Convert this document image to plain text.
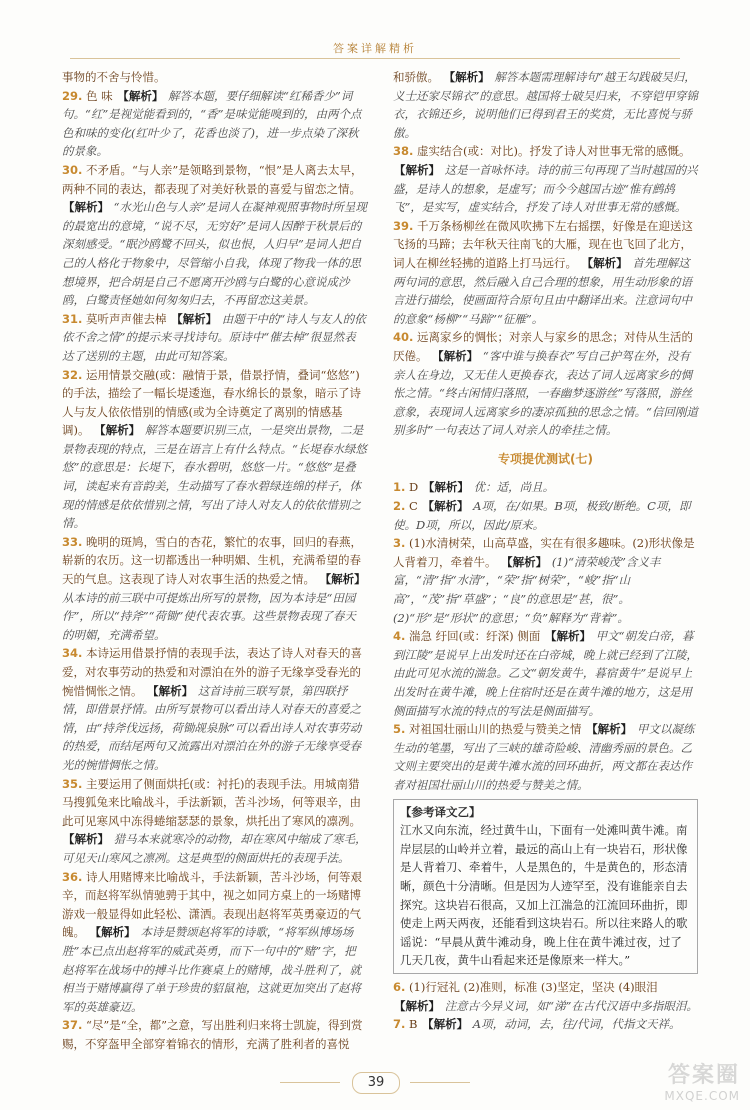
答案详解精析

事物的不舍与怜惜。

29. 色 味 【解析】 解答本题，要仔细解读“红稀香少”词句。“红”是视觉能看到的，“香”是味觉能嗅到的，由两个点色和味的变化(红叶少了，花香也淡了)，进一步点染了深秋的景象。

30. 不矛盾。“与人亲”是领略到景物，“恨”是人离去太早，两种不同的表达，都表现了对美好秋景的喜爱与留恋之情。 【解析】 “水光山色与人亲”是词人在凝神观照事物时所呈现的最宽出的意境，“说不尽，无穷好”是词人因醉于秋景后的深刻感受。“眠沙鸥鹭不回头，似也恨，人归早”是词人把自己的人格化于物象中，尽管缩小自我，体现了物我一体的思想境界，把合胡是自己不愿离开沙鸥与白鹭的心意说成沙鸥，白鹭责怪她如何匆匆归去，不再留恋这美景。

31. 莫听声声催去棹 【解析】 由题干中的“诗人与友人的依依不舍之情”的提示来寻找诗句。原诗中“催去棹”很显然表达了送别的主题，由此可知答案。

32. 运用情景交融(或：融情于景，借景抒情，叠词“悠悠”)的手法，描绘了一幅长堤逶迤，春水绵长的景象，暗示了诗人与友人依依惜别的情感(或为全诗奠定了离别的情感基调)。 【解析】 解答本题要识别三点，一是突出景物，二是景物表现的特点，三是在语言上有什么特点。“长堤春水绿悠悠”的意思是：长堤下，春水碧明，悠悠一片。“悠悠”是叠词，读起来有音韵美，生动描写了春水碧绿连绵的样子，体现的情感是依依惜别之情，写出了诗人对友人的依依惜别之情。

33. 晚明的斑鸠，雪白的杏花，繁忙的农事，回归的春燕，崭新的农历。这一切都透出一种明媚、生机，充满希望的春天的气息。这表现了诗人对农事生活的热爱之情。 【解析】 从本诗的前三联中可提炼出所写的景物，因为本诗是“田园作”，所以“持斧”“荷锄”使代表农事。这些景物表现了春天的明媚，充满希望。

34. 本诗运用借景抒情的表现手法，表达了诗人对春天的喜爱，对农事劳动的热爱和对漂泊在外的游子无缘享受春光的惋惜惆怅之情。 【解析】 这首诗前三联写景，第四联抒情，即借景抒情。由所写景物可以看出诗人对春天的喜爱之情，由“持斧伐远扬，荷锄觇泉脉”可以看出诗人对农事劳动的热爱，而结尾两句又流露出对漂泊在外的游子无缘享受春光的惋惜惆怅之情。

35. 主要运用了侧面烘托(或：衬托)的表现手法。用城南猎马搜狐兔来比喻战斗，手法新颖，苦斗沙场，何等艰辛，由此可见寒风中冻得蜷缩瑟瑟的景象，烘托出了寒风的凛冽。 【解析】 猎马本来就寒冷的动物，却在寒风中缩成了寒毛，可见天山寒风之凛冽。这是典型的侧面烘托的表现手法。

36. 诗人用赌博来比喻战斗，手法新颖，苦斗沙场，何等艰辛，而赵将军纵情驰骋于其中，视之如同方桌上的一场赌博游戏一般显得如此轻松、潇洒。表现出赵将军英勇豪迈的气魄。 【解析】 本诗是赞颂赵将军的诗歌，“将军纵博场场胜”本已点出赵将军的威武英勇，而下一句中的“赌”字，把赵将军在战场中的搏斗比作赛桌上的赌博，战斗胜利了，就相当于赌博赢得了单于珍贵的貂鼠袍，这就更加突出了赵将军的英雄豪迈。

37. “尽”是“全，都”之意，写出胜利归来将士凯旋，得到赏赐，不穿盔甲全部穿着锦衣的情形，充满了胜利者的喜悦

和骄傲。 【解析】 解答本题需理解诗句“越王勾践破吴归，义士还家尽锦衣”的意思。越国将士破吴归来，不穿铠甲穿锦衣，衣锦还乡，说明他们已得到君王的奖赏，无比喜悦与骄傲。

38. 虚实结合(或：对比)。抒发了诗人对世事无常的感慨。 【解析】 这是一首咏怀诗。诗的前三句再现了当时越国的兴盛，是诗人的想象，是虚写；而今今越国古迹“惟有鹧鸪飞”，是实写，虚实结合，抒发了诗人对世事无常的感慨。

39. 千万条杨柳丝在微风吹拂下左右摇摆，好像是在迎送这飞扬的马蹄；去年秋天往南飞的大雁，现在也飞回了北方，词人在柳丝轻拂的道路上打马远行。 【解析】 首先理解这两句词的意思，然后融入自己合理的想象，用生动形象的语言进行描绘，使画面符合原句且由中翻译出来。注意词句中的意象“杨柳”“马蹄”“征雁”。

40. 远离家乡的惆怅；对亲人与家乡的思念；对侍从生活的厌倦。 【解析】 “客中谁与换春衣”写自己护驾在外，没有亲人在身边，又无佳人更换春衣，表达了词人远离家乡的惆怅之情。“终古闲情归落照，一春幽梦逐游丝”写落照，游丝意象，表现词人远离家乡的凄凉孤独的思念之情。“信回刚道别多时”一句表达了词人对亲人的牵挂之情。

专项提优测试(七)

1. D 【解析】 优：适，尚且。

2. C 【解析】 A项，在/如果。B项，极致/断绝。C项，即使。D项，所以，因此/原来。

3. (1)水清树荣，山高草盛，实在有很多趣味。(2)形状像是人背着刀，牵着牛。 【解析】 (1)“清荣峻茂”含义丰富，“清”指“水清”，“荣”指“树荣”，“峻”指“山高”，“茂”指“草盛”；“良”的意思是“甚，很”。(2)“形”是“形状”的意思；“负”解释为“背着”。

4. 湍急 纡回(或：纡深) 侧面 【解析】 甲文“朝发白帝，暮到江陵”是说早上出发时还在白帝城，晚上就已经到了江陵，由此可见水流的湍急。乙文“朝发黄牛，暮宿黄牛”是说早上出发时在黄牛滩，晚上住宿时还是在黄牛滩的地方，这是用侧面描写水流的特点的写法是侧面描写。

5. 对祖国壮丽山川的热爱与赞美之情 【解析】 甲文以凝练生动的笔墨，写出了三峡的雄奇险峻、清幽秀丽的景色。乙文则主要突出的是黄牛滩水流的回环曲折，两文都在表达作者对祖国壮丽山川的热爱与赞美之情。

【参考译文乙】
江水又向东流，经过黄牛山，下面有一处滩叫黄牛滩。南岸层层的山岭并立着，最远的高山上有一块岩石，形状像是人背着刀、牵着牛，人是黑色的，牛是黄色的，形态清晰，颜色十分清晰。但是因为人迹罕至，没有谁能亲自去探究。这块岩石很高，又加上江湍急的江流回环曲折，即使走上两天两夜，还能看到这块岩石。所以往来路人的歌谣说：“早晨从黄牛滩动身，晚上住在黄牛滩过夜，过了几天几夜，黄牛山看起来还是像原来一样大。”

6. (1)行冠礼 (2)准则，标准 (3)坚定，坚决 (4)眼泪 【解析】 注意古今异义词，如“涕”在古代汉语中多指眼泪。

7. B 【解析】 A项，动词，去，往/代词，代指文天祥。

39	答案圈
MXQE.COM
